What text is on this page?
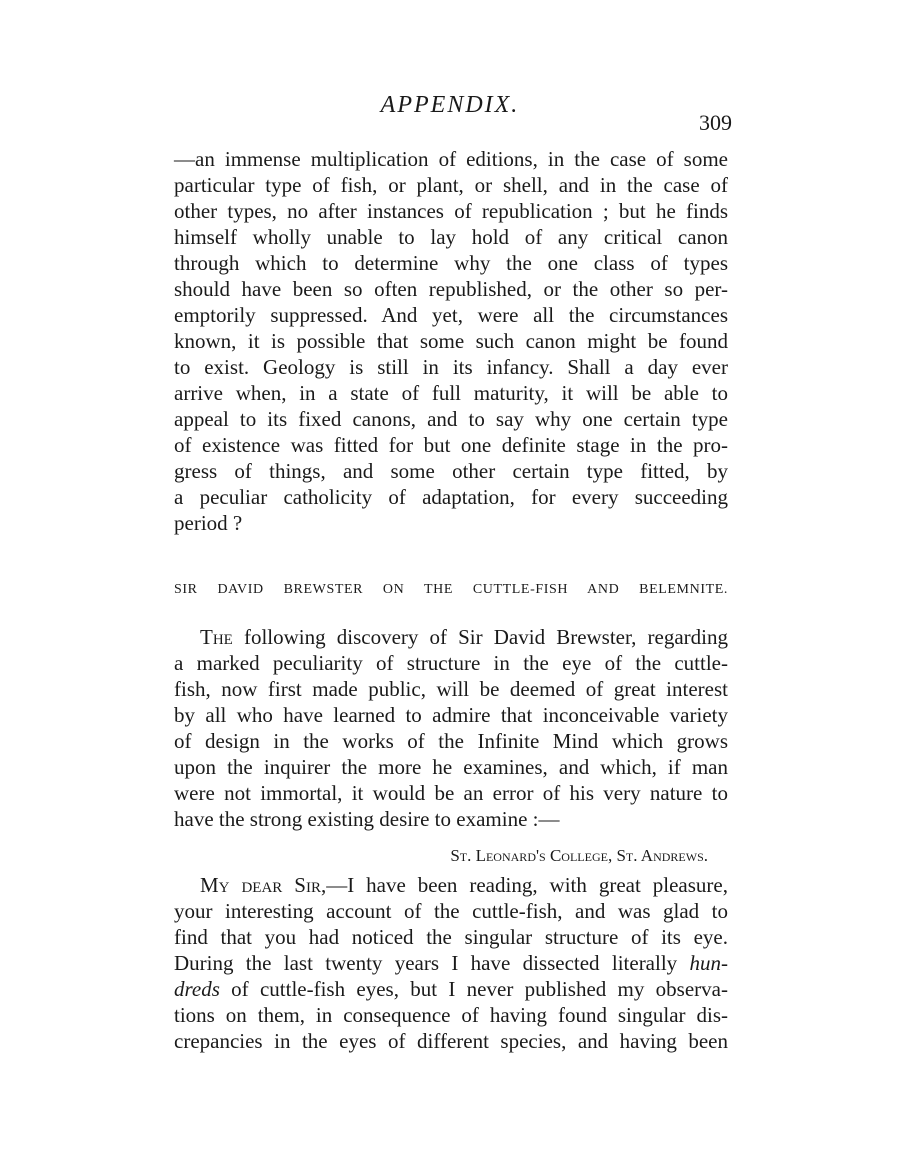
APPENDIX.
309
—an immense multiplication of editions, in the case of some
particular type of fish, or plant, or shell, and in the case of
other types, no after instances of republication ; but he finds
himself wholly unable to lay hold of any critical canon
through which to determine why the one class of types
should have been so often republished, or the other so per-
emptorily suppressed. And yet, were all the circumstances
known, it is possible that some such canon might be found
to exist. Geology is still in its infancy. Shall a day ever
arrive when, in a state of full maturity, it will be able to
appeal to its fixed canons, and to say why one certain type
of existence was fitted for but one definite stage in the pro-
gress of things, and some other certain type fitted, by
a peculiar catholicity of adaptation, for every succeeding
period ?
SIR DAVID BREWSTER ON THE CUTTLE-FISH AND BELEMNITE.
The following discovery of Sir David Brewster, regarding
a marked peculiarity of structure in the eye of the cuttle-
fish, now first made public, will be deemed of great interest
by all who have learned to admire that inconceivable variety
of design in the works of the Infinite Mind which grows
upon the inquirer the more he examines, and which, if man
were not immortal, it would be an error of his very nature to
have the strong existing desire to examine :—
St. Leonard's College, St. Andrews.
My dear Sir,—I have been reading, with great pleasure,
your interesting account of the cuttle-fish, and was glad to
find that you had noticed the singular structure of its eye.
During the last twenty years I have dissected literally hun-
dreds of cuttle-fish eyes, but I never published my observa-
tions on them, in consequence of having found singular dis-
crepancies in the eyes of different species, and having been
